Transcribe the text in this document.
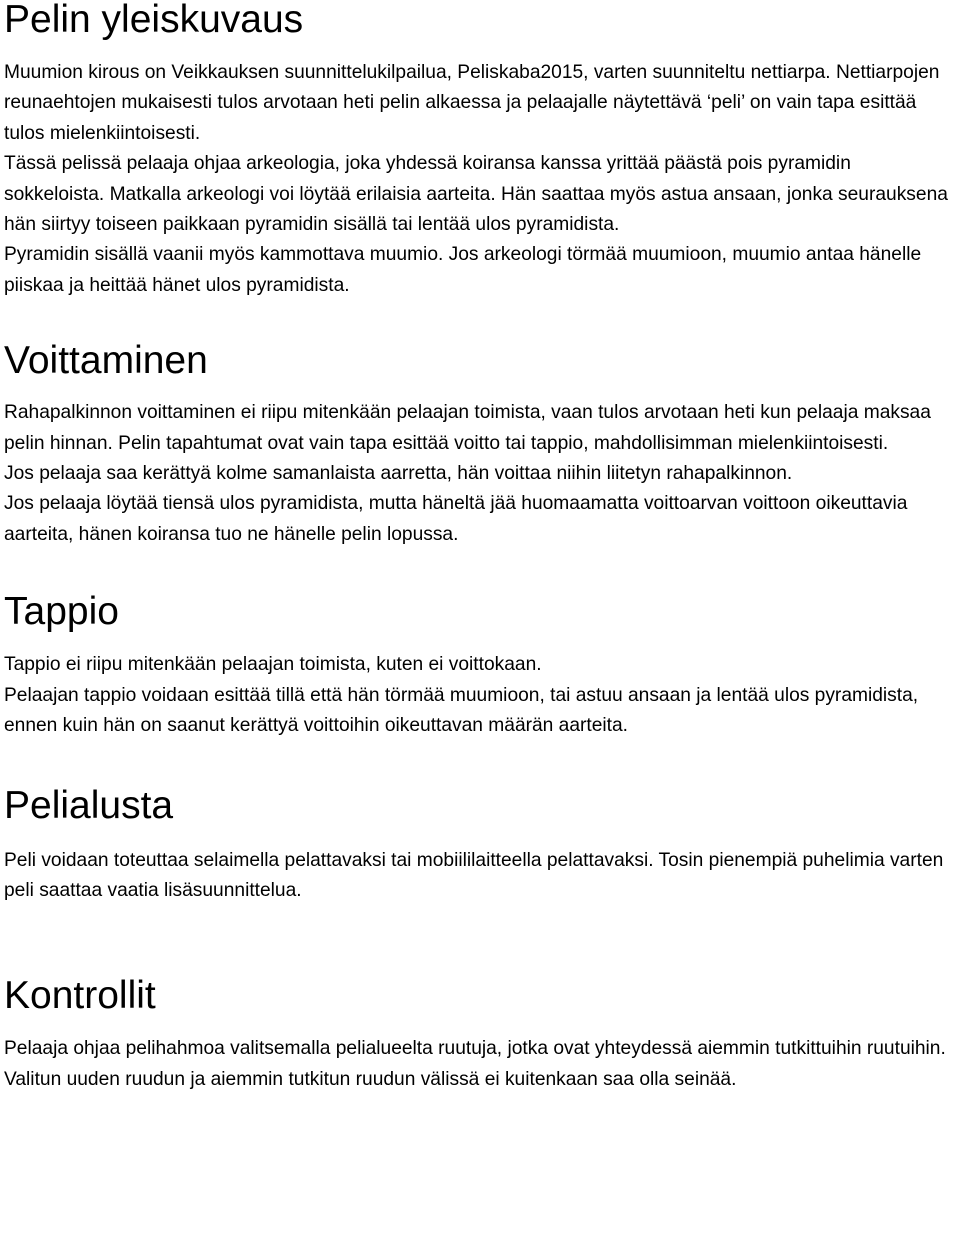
Pelin yleiskuvaus

Muumion kirous on Veikkauksen suunnittelukilpailua, Peliskaba2015, varten suunniteltu nettiarpa. Nettiarpojen reunaehtojen mukaisesti tulos arvotaan heti pelin alkaessa ja pelaajalle näytettävä ‘peli’ on vain tapa esittää tulos mielenkiintoisesti.

Tässä pelissä pelaaja ohjaa arkeologia, joka yhdessä koiransa kanssa yrittää päästä pois pyramidin sokkeloista. Matkalla arkeologi voi löytää erilaisia aarteita. Hän saattaa myös astua ansaan, jonka seurauksena hän siirtyy toiseen paikkaan pyramidin sisällä tai lentää ulos pyramidista.

Pyramidin sisällä vaanii myös kammottava muumio. Jos arkeologi törmää muumioon, muumio antaa hänelle piiskaa ja heittää hänet ulos pyramidista.

Voittaminen

Rahapalkinnon voittaminen ei riipu mitenkään pelaajan toimista, vaan tulos arvotaan heti kun pelaaja maksaa pelin hinnan. Pelin tapahtumat ovat vain tapa esittää voitto tai tappio, mahdollisimman mielenkiintoisesti.

Jos pelaaja saa kerättyä kolme samanlaista aarretta, hän voittaa niihin liitetyn rahapalkinnon.

Jos pelaaja löytää tiensä ulos pyramidista, mutta häneltä jää huomaamatta voittoarvan voittoon oikeuttavia aarteita, hänen koiransa tuo ne hänelle pelin lopussa.

Tappio

Tappio ei riipu mitenkään pelaajan toimista, kuten ei voittokaan.

Pelaajan tappio voidaan esittää tillä että hän törmää muumioon, tai astuu ansaan ja lentää ulos pyramidista, ennen kuin hän on saanut kerättyä voittoihin oikeuttavan määrän aarteita.

Pelialusta

Peli voidaan toteuttaa selaimella pelattavaksi tai mobiililaitteella pelattavaksi. Tosin pienempiä puhelimia varten peli saattaa vaatia lisäsuunnittelua.

Kontrollit

Pelaaja ohjaa pelihahmoa valitsemalla pelialueelta ruutuja, jotka ovat yhteydessä aiemmin tutkittuihin ruutuihin. Valitun uuden ruudun ja aiemmin tutkitun ruudun välissä ei kuitenkaan saa olla seinää.
